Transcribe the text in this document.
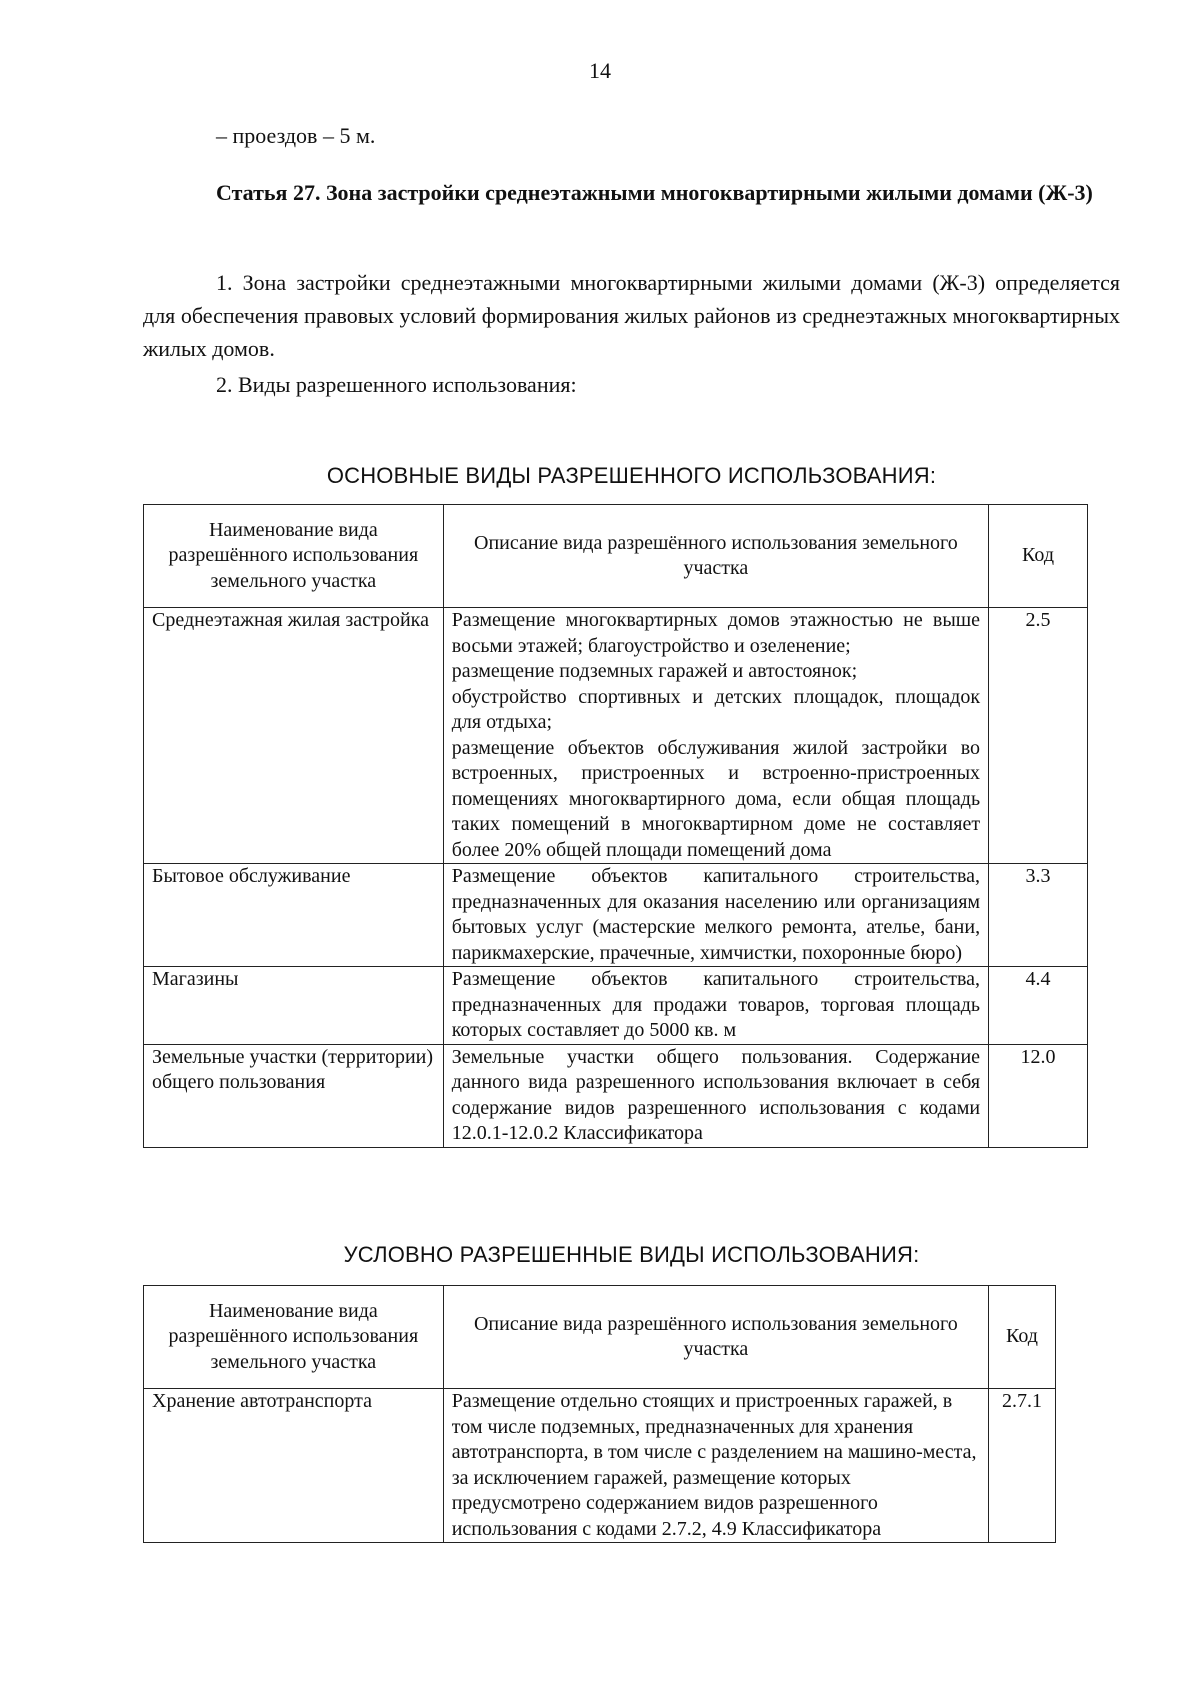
14
– проездов – 5 м.
Статья 27. Зона застройки среднеэтажными многоквартирными жилыми домами (Ж-3)
1. Зона застройки среднеэтажными многоквартирными жилыми домами (Ж-3) определяется для обеспечения правовых условий формирования жилых районов из среднеэтажных многоквартирных жилых домов.
2. Виды разрешенного использования:
ОСНОВНЫЕ ВИДЫ РАЗРЕШЕННОГО ИСПОЛЬЗОВАНИЯ:
Наименование вида разрешённого использования земельного участка	Описание вида разрешённого использования земельного участка	Код
Среднеэтажная жилая застройка	Размещение многоквартирных домов этажностью не выше восьми этажей; благоустройство и озеленение;
размещение подземных гаражей и автостоянок;
обустройство спортивных и детских площадок, площадок для отдыха;
размещение объектов обслуживания жилой застройки во встроенных, пристроенных и встроенно-пристроенных помещениях многоквартирного дома, если общая площадь таких помещений в многоквартирном доме не составляет более 20% общей площади помещений дома	2.5
Бытовое обслуживание	Размещение объектов капитального строительства, предназначенных для оказания населению или организациям бытовых услуг (мастерские мелкого ремонта, ателье, бани, парикмахерские, прачечные, химчистки, похоронные бюро)	3.3
Магазины	Размещение объектов капитального строительства, предназначенных для продажи товаров, торговая площадь которых составляет до 5000 кв. м	4.4
Земельные участки (территории) общего пользования	Земельные участки общего пользования. Содержание данного вида разрешенного использования включает в себя содержание видов разрешенного использования с кодами 12.0.1-12.0.2 Классификатора	12.0
УСЛОВНО РАЗРЕШЕННЫЕ ВИДЫ ИСПОЛЬЗОВАНИЯ:
Наименование вида разрешённого использования земельного участка	Описание вида разрешённого использования земельного участка	Код
Хранение автотранспорта	Размещение отдельно стоящих и пристроенных гаражей, в том числе подземных, предназначенных для хранения автотранспорта, в том числе с разделением на машино-места, за исключением гаражей, размещение которых предусмотрено содержанием видов разрешенного использования с кодами 2.7.2, 4.9 Классификатора	2.7.1
